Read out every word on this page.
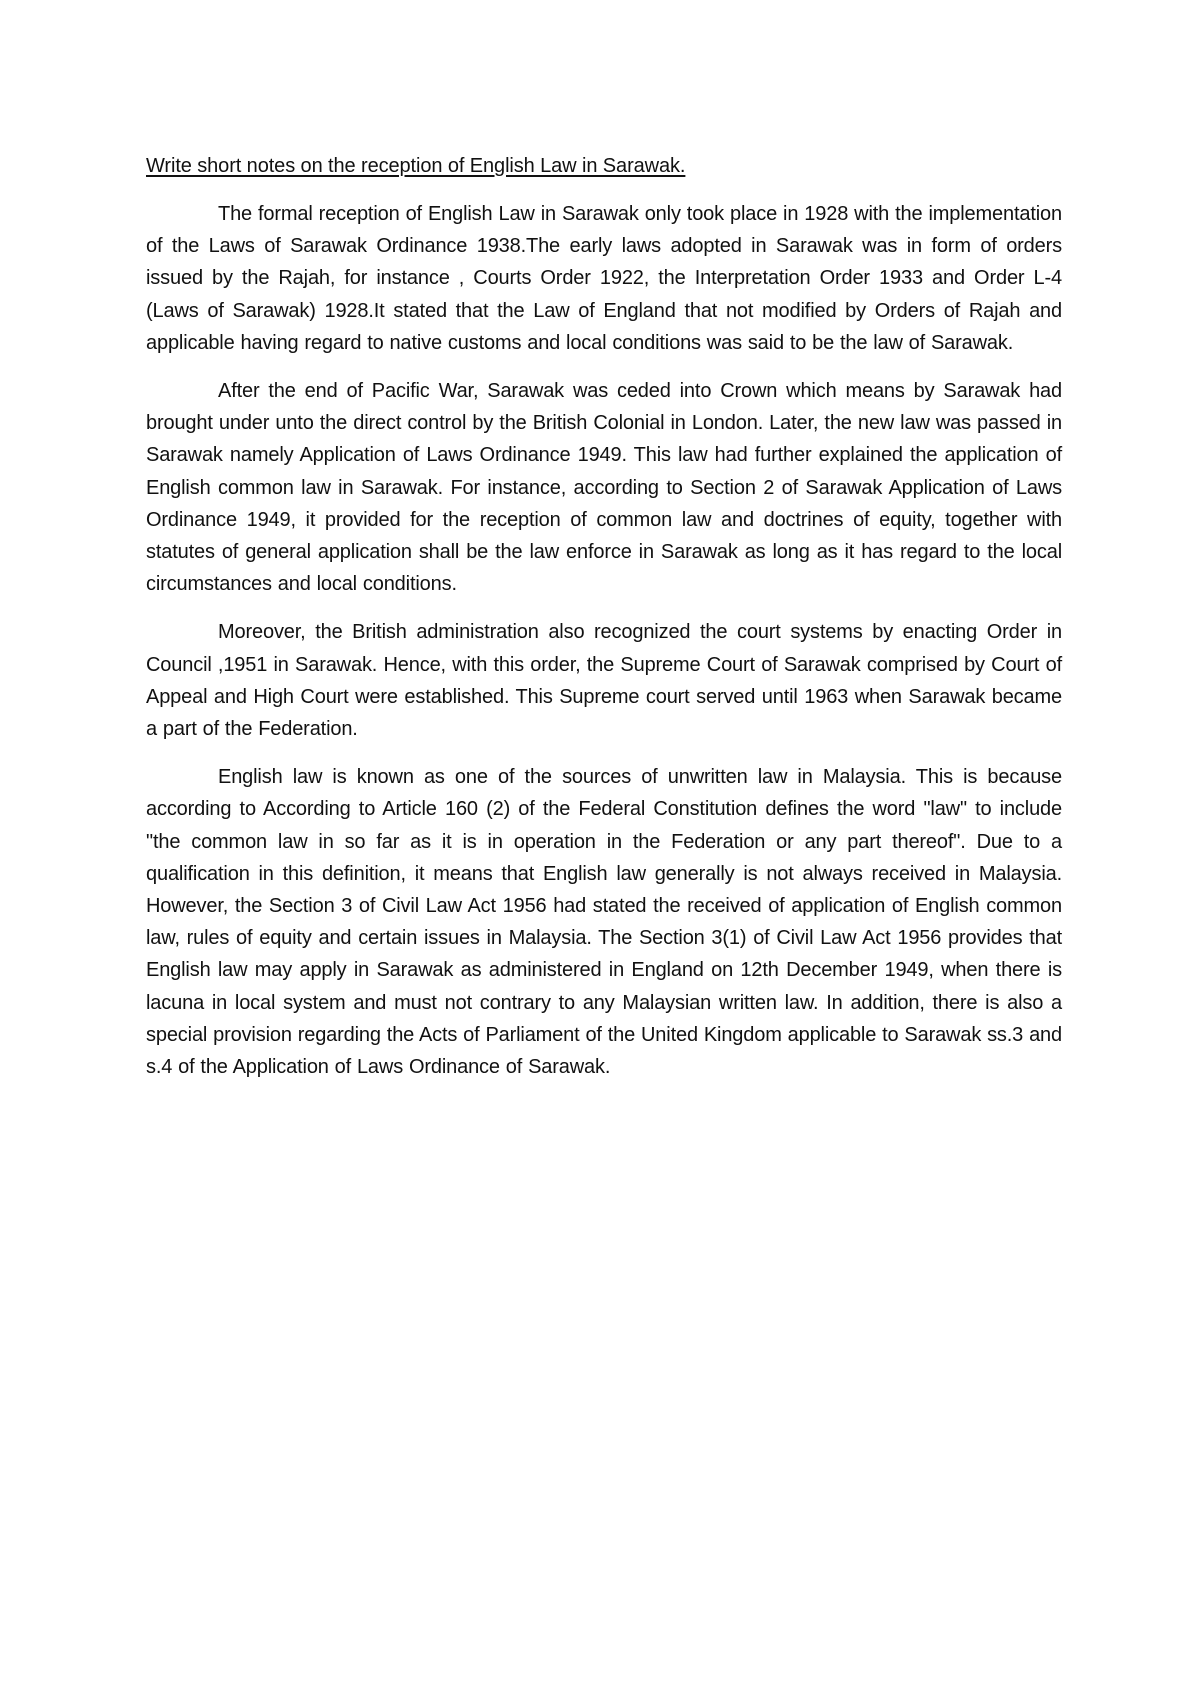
Write short notes on the reception of English Law in Sarawak.

The formal reception of English Law in Sarawak only took place in 1928 with the implementation of the Laws of Sarawak Ordinance 1938.The early laws adopted in Sarawak was in form of orders issued by the Rajah, for instance , Courts Order 1922, the Interpretation Order 1933 and Order L-4 (Laws of Sarawak) 1928.It stated that the Law of England that not modified by Orders of Rajah and applicable having regard to native customs and local conditions was said to be the law of Sarawak.

After the end of Pacific War, Sarawak was ceded into Crown which means by Sarawak had brought under unto the direct control by the British Colonial in London. Later, the new law was passed in Sarawak namely Application of Laws Ordinance 1949. This law had further explained the application of English common law in Sarawak. For instance, according to Section 2 of Sarawak Application of Laws Ordinance 1949, it provided for the reception of common law and doctrines of equity, together with statutes of general application shall be the law enforce in Sarawak as long as it has regard to the local circumstances and local conditions.

Moreover, the British administration also recognized the court systems by enacting Order in Council ,1951 in Sarawak. Hence, with this order, the Supreme Court of Sarawak comprised by Court of Appeal and High Court were established. This Supreme court served until 1963 when Sarawak became a part of the Federation.

English law is known as one of the sources of unwritten law in Malaysia. This is because according to According to Article 160 (2) of the Federal Constitution defines the word "law" to include "the common law in so far as it is in operation in the Federation or any part thereof". Due to a qualification in this definition, it means that English law generally is not always received in Malaysia. However, the Section 3 of Civil Law Act 1956 had stated the received of application of English common law, rules of equity and certain issues in Malaysia. The Section 3(1) of Civil Law Act 1956 provides that English law may apply in Sarawak as administered in England on 12th December 1949, when there is lacuna in local system and must not contrary to any Malaysian written law. In addition, there is also a special provision regarding the Acts of Parliament of the United Kingdom applicable to Sarawak ss.3 and s.4 of the Application of Laws Ordinance of Sarawak.
